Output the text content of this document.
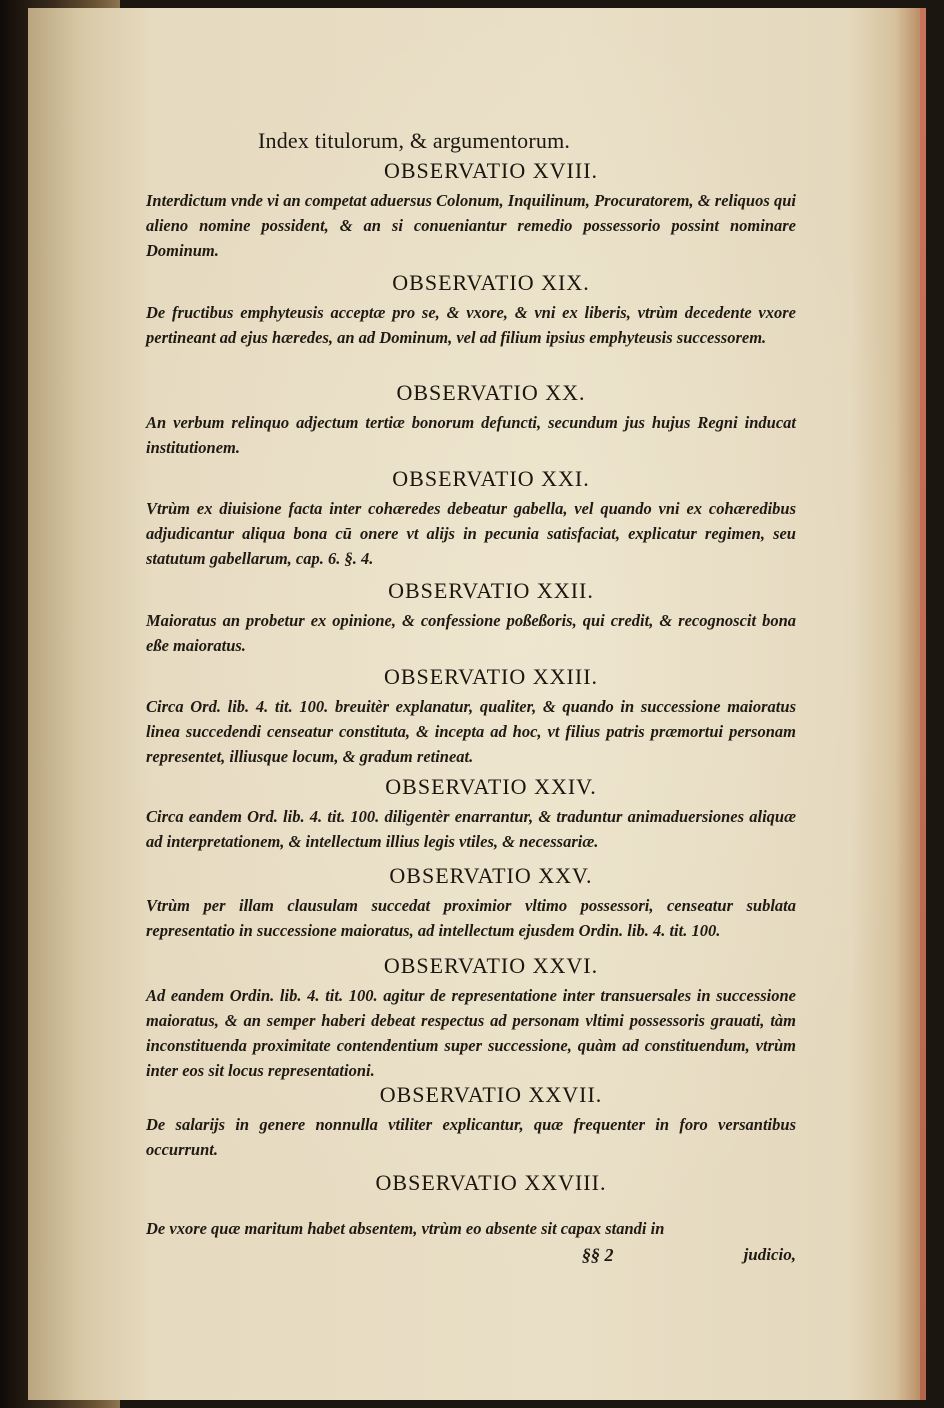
Index titulorum, & argumentorum.
OBSERVATIO XVIII.
Interdictum vnde vi an competat aduersus Colonum, Inquilinum, Procuratorem, & reliquos qui alieno nomine possident, & an si conueniantur remedio possessorio possint nominare Dominum.
OBSERVATIO XIX.
De fructibus emphyteusis acceptæ pro se, & vxore, & vni ex liberis, vtrùm decedente vxore pertineant ad ejus hæredes, an ad Dominum, vel ad filium ipsius emphyteusis successorem.
OBSERVATIO XX.
An verbum relinquo adjectum tertiæ bonorum defuncti, secundum jus hujus Regni inducat institutionem.
OBSERVATIO XXI.
Vtrùm ex diuisione facta inter cohæredes debeatur gabella, vel quando vni ex cohæredibus adjudicantur aliqua bona cū onere vt alijs in pecunia satisfaciat, explicatur regimen, seu statutum gabellarum, cap. 6. §. 4.
OBSERVATIO XXII.
Maioratus an probetur ex opinione, & confessione poßeßoris, qui credit, & recognoscit bona eße maioratus.
OBSERVATIO XXIII.
Circa Ord. lib. 4. tit. 100. breuitèr explanatur, qualiter, & quando in successione maioratus linea succedendi censeatur constituta, & incepta ad hoc, vt filius patris præmortui personam representet, illiusque locum, & gradum retineat.
OBSERVATIO XXIV.
Circa eandem Ord. lib. 4. tit. 100. diligentèr enarrantur, & traduntur animaduersiones aliquæ ad interpretationem, & intellectum illius legis vtiles, & necessariæ.
OBSERVATIO XXV.
Vtrùm per illam clausulam succedat proximior vltimo possessori, censeatur sublata representatio in successione maioratus, ad intellectum ejusdem Ordin. lib. 4. tit. 100.
OBSERVATIO XXVI.
Ad eandem Ordin. lib. 4. tit. 100. agitur de representatione inter transuersales in successione maioratus, & an semper haberi debeat respectus ad personam vltimi possessoris grauati, tàm inconstituenda proximitate contendentium super successione, quàm ad constituendum, vtrùm inter eos sit locus representationi.
OBSERVATIO XXVII.
De salarijs in genere nonnulla vtiliter explicantur, quæ frequenter in foro versantibus occurrunt.
OBSERVATIO XXVIII.
De vxore quæ maritum habet absentem, vtrùm eo absente sit capax standi in
§§ 2	judicio,
